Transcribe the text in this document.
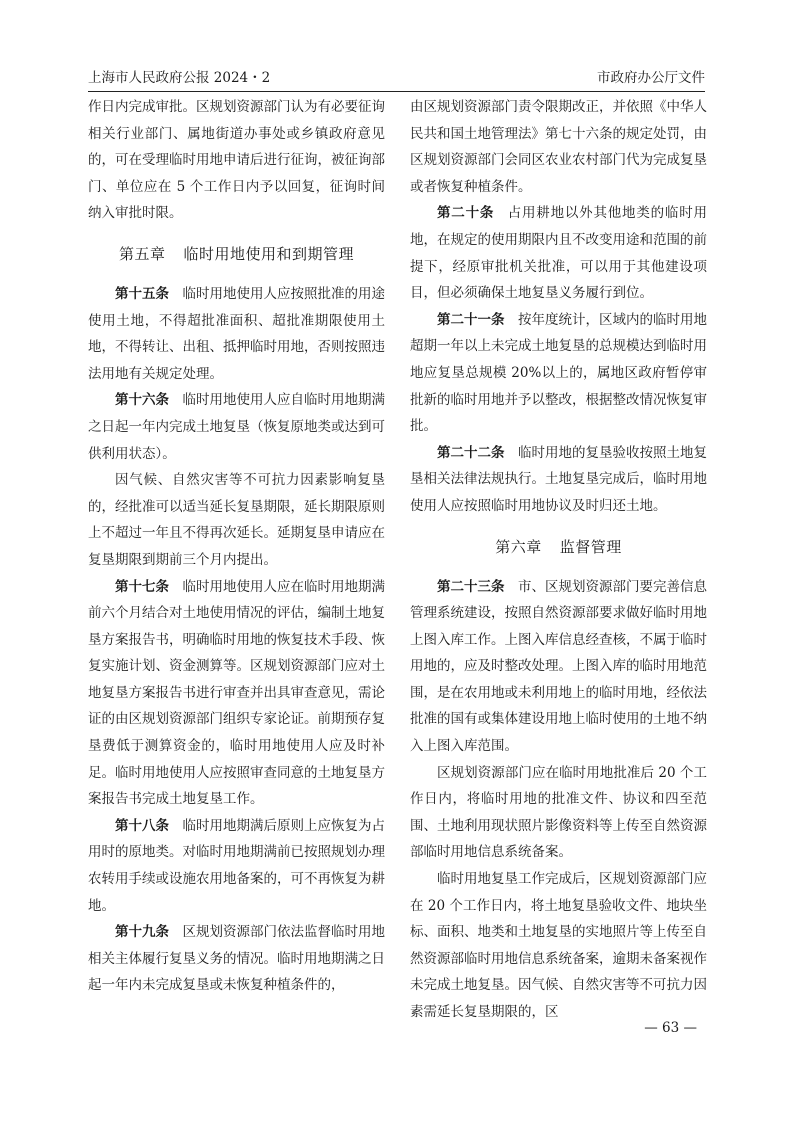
上海市人民政府公报 2024・2	市政府办公厅文件

作日内完成审批。区规划资源部门认为有必要征询相关行业部门、属地街道办事处或乡镇政府意见的，可在受理临时用地申请后进行征询，被征询部门、单位应在 5 个工作日内予以回复，征询时间纳入审批时限。

第五章 临时用地使用和到期管理

第十五条 临时用地使用人应按照批准的用途使用土地，不得超批准面积、超批准期限使用土地，不得转让、出租、抵押临时用地，否则按照违法用地有关规定处理。

第十六条 临时用地使用人应自临时用地期满之日起一年内完成土地复垦（恢复原地类或达到可供利用状态）。

因气候、自然灾害等不可抗力因素影响复垦的，经批准可以适当延长复垦期限，延长期限原则上不超过一年且不得再次延长。延期复垦申请应在复垦期限到期前三个月内提出。

第十七条 临时用地使用人应在临时用地期满前六个月结合对土地使用情况的评估，编制土地复垦方案报告书，明确临时用地的恢复技术手段、恢复实施计划、资金测算等。区规划资源部门应对土地复垦方案报告书进行审查并出具审查意见，需论证的由区规划资源部门组织专家论证。前期预存复垦费低于测算资金的，临时用地使用人应及时补足。临时用地使用人应按照审查同意的土地复垦方案报告书完成土地复垦工作。

第十八条 临时用地期满后原则上应恢复为占用时的原地类。对临时用地期满前已按照规划办理农转用手续或设施农用地备案的，可不再恢复为耕地。

第十九条 区规划资源部门依法监督临时用地相关主体履行复垦义务的情况。临时用地期满之日起一年内未完成复垦或未恢复种植条件的，

由区规划资源部门责令限期改正，并依照《中华人民共和国土地管理法》第七十六条的规定处罚，由区规划资源部门会同区农业农村部门代为完成复垦或者恢复种植条件。

第二十条 占用耕地以外其他地类的临时用地，在规定的使用期限内且不改变用途和范围的前提下，经原审批机关批准，可以用于其他建设项目，但必须确保土地复垦义务履行到位。

第二十一条 按年度统计，区域内的临时用地超期一年以上未完成土地复垦的总规模达到临时用地应复垦总规模 20%以上的，属地区政府暂停审批新的临时用地并予以整改，根据整改情况恢复审批。

第二十二条 临时用地的复垦验收按照土地复垦相关法律法规执行。土地复垦完成后，临时用地使用人应按照临时用地协议及时归还土地。

第六章 监督管理

第二十三条 市、区规划资源部门要完善信息管理系统建设，按照自然资源部要求做好临时用地上图入库工作。上图入库信息经查核，不属于临时用地的，应及时整改处理。上图入库的临时用地范围，是在农用地或未利用地上的临时用地，经依法批准的国有或集体建设用地上临时使用的土地不纳入上图入库范围。

区规划资源部门应在临时用地批准后 20 个工作日内，将临时用地的批准文件、协议和四至范围、土地利用现状照片影像资料等上传至自然资源部临时用地信息系统备案。

临时用地复垦工作完成后，区规划资源部门应在 20 个工作日内，将土地复垦验收文件、地块坐标、面积、地类和土地复垦的实地照片等上传至自然资源部临时用地信息系统备案，逾期未备案视作未完成土地复垦。因气候、自然灾害等不可抗力因素需延长复垦期限的，区

— 63 —
